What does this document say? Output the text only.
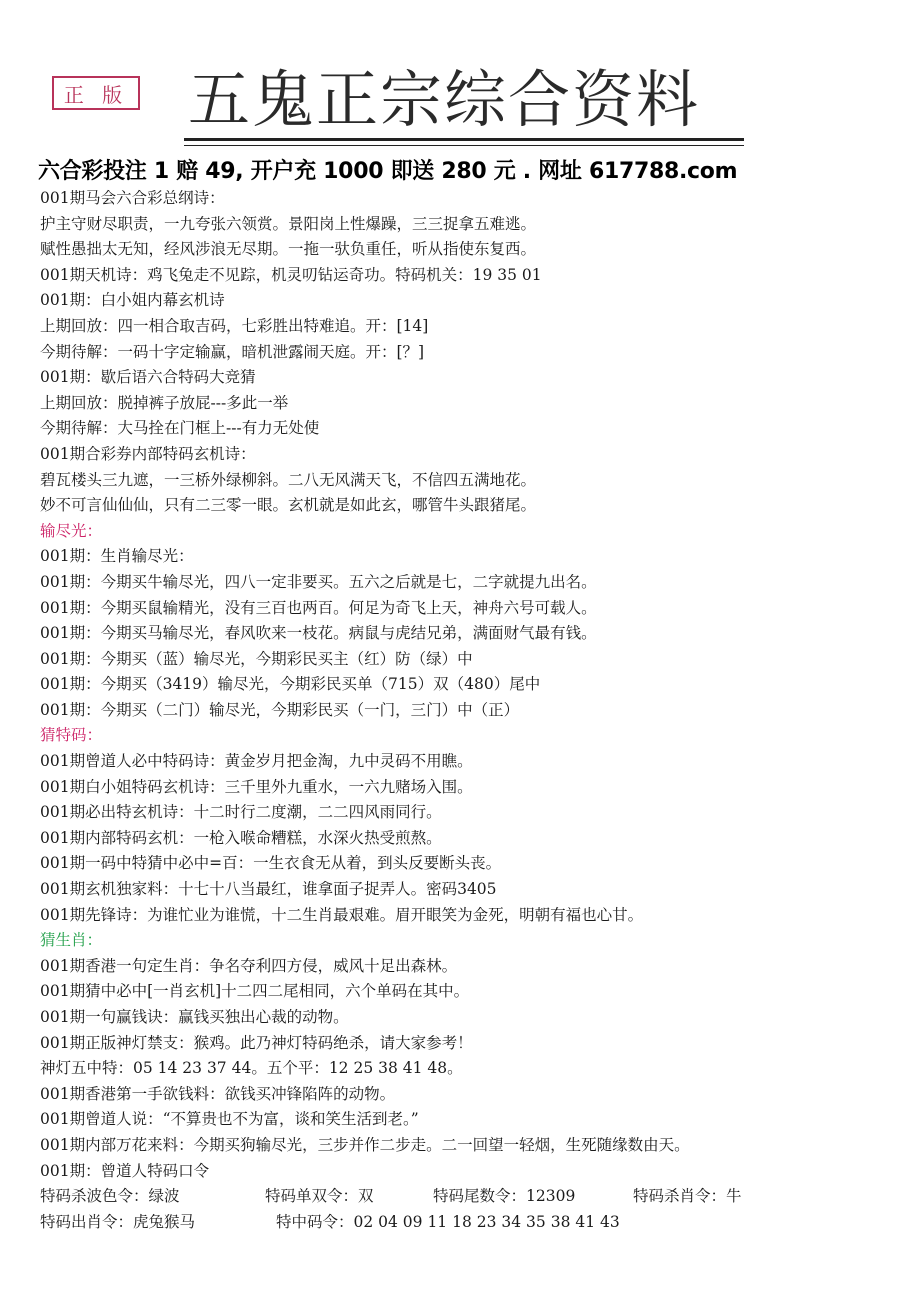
正 版 五鬼正宗综合资料
六合彩投注 1 赔 49, 开户充 1000 即送 280 元 . 网址 617788.com
001期马会六合彩总纲诗：
护主守财尽职责，一九夸张六领赏。景阳岗上性爆躁，三三捉拿五难逃。
赋性愚拙太无知，经风涉浪无尽期。一拖一驮负重任，听从指使东复西。
001期天机诗：鸡飞兔走不见踪，机灵叨钻运奇功。特码机关：19 35 01
001期：白小姐内幕玄机诗
上期回放：四一相合取吉码，七彩胜出特难追。开：[14]
今期待解：一码十字定输赢，暗机泄露闹天庭。开：[？]
001期：歇后语六合特码大竞猜
上期回放：脱掉裤子放屁---多此一举
今期待解：大马拴在门框上---有力无处使
001期合彩券内部特码玄机诗：
碧瓦楼头三九遮，一三桥外绿柳斜。二八无风满天飞，不信四五满地花。
妙不可言仙仙仙，只有二三零一眼。玄机就是如此玄，哪管牛头跟猪尾。
输尽光：
001期：生肖输尽光：
001期：今期买牛输尽光，四八一定非要买。五六之后就是七，二字就提九出名。
001期：今期买鼠输精光，没有三百也两百。何足为奇飞上天，神舟六号可载人。
001期：今期买马输尽光，春风吹来一枝花。病鼠与虎结兄弟，满面财气最有钱。
001期：今期买（蓝）输尽光，今期彩民买主（红）防（绿）中
001期：今期买（3419）输尽光，今期彩民买单（715）双（480）尾中
001期：今期买（二门）输尽光，今期彩民买（一门，三门）中（正）
猜特码：
001期曾道人必中特码诗：黄金岁月把金淘，九中灵码不用瞧。
001期白小姐特码玄机诗：三千里外九重水，一六九赌场入围。
001期必出特玄机诗：十二时行二度潮，二二四风雨同行。
001期内部特码玄机：一枪入喉命糟糕，水深火热受煎熬。
001期一码中特猜中必中=百：一生衣食无从着，到头反要断头丧。
001期玄机独家料：十七十八当最红，谁拿面子捉弄人。密码3405
001期先锋诗：为谁忙业为谁慌，十二生肖最艰难。眉开眼笑为金死，明朝有福也心甘。
猜生肖：
001期香港一句定生肖：争名夺利四方侵，威风十足出森林。
001期猜中必中[一肖玄机]十二四二尾相同，六个单码在其中。
001期一句赢钱诀：赢钱买独出心裁的动物。
001期正版神灯禁支：猴鸡。此乃神灯特码绝杀，请大家参考！
神灯五中特：05 14 23 37 44。五个平：12 25 38 41 48。
001期香港第一手欲钱料：欲钱买冲锋陷阵的动物。
001期曾道人说：“不算贵也不为富，谈和笑生活到老。”
001期内部万花来料：今期买狗输尽光，三步并作二步走。二一回望一轻烟，生死随缘数由天。
001期：曾道人特码口令
特码杀波色令：绿波	特码单双令：双	特码尾数令：12309	特码杀肖令：牛
特码出肖令：虎兔猴马	特中码令：02 04 09 11 18 23 34 35 38 41 43
